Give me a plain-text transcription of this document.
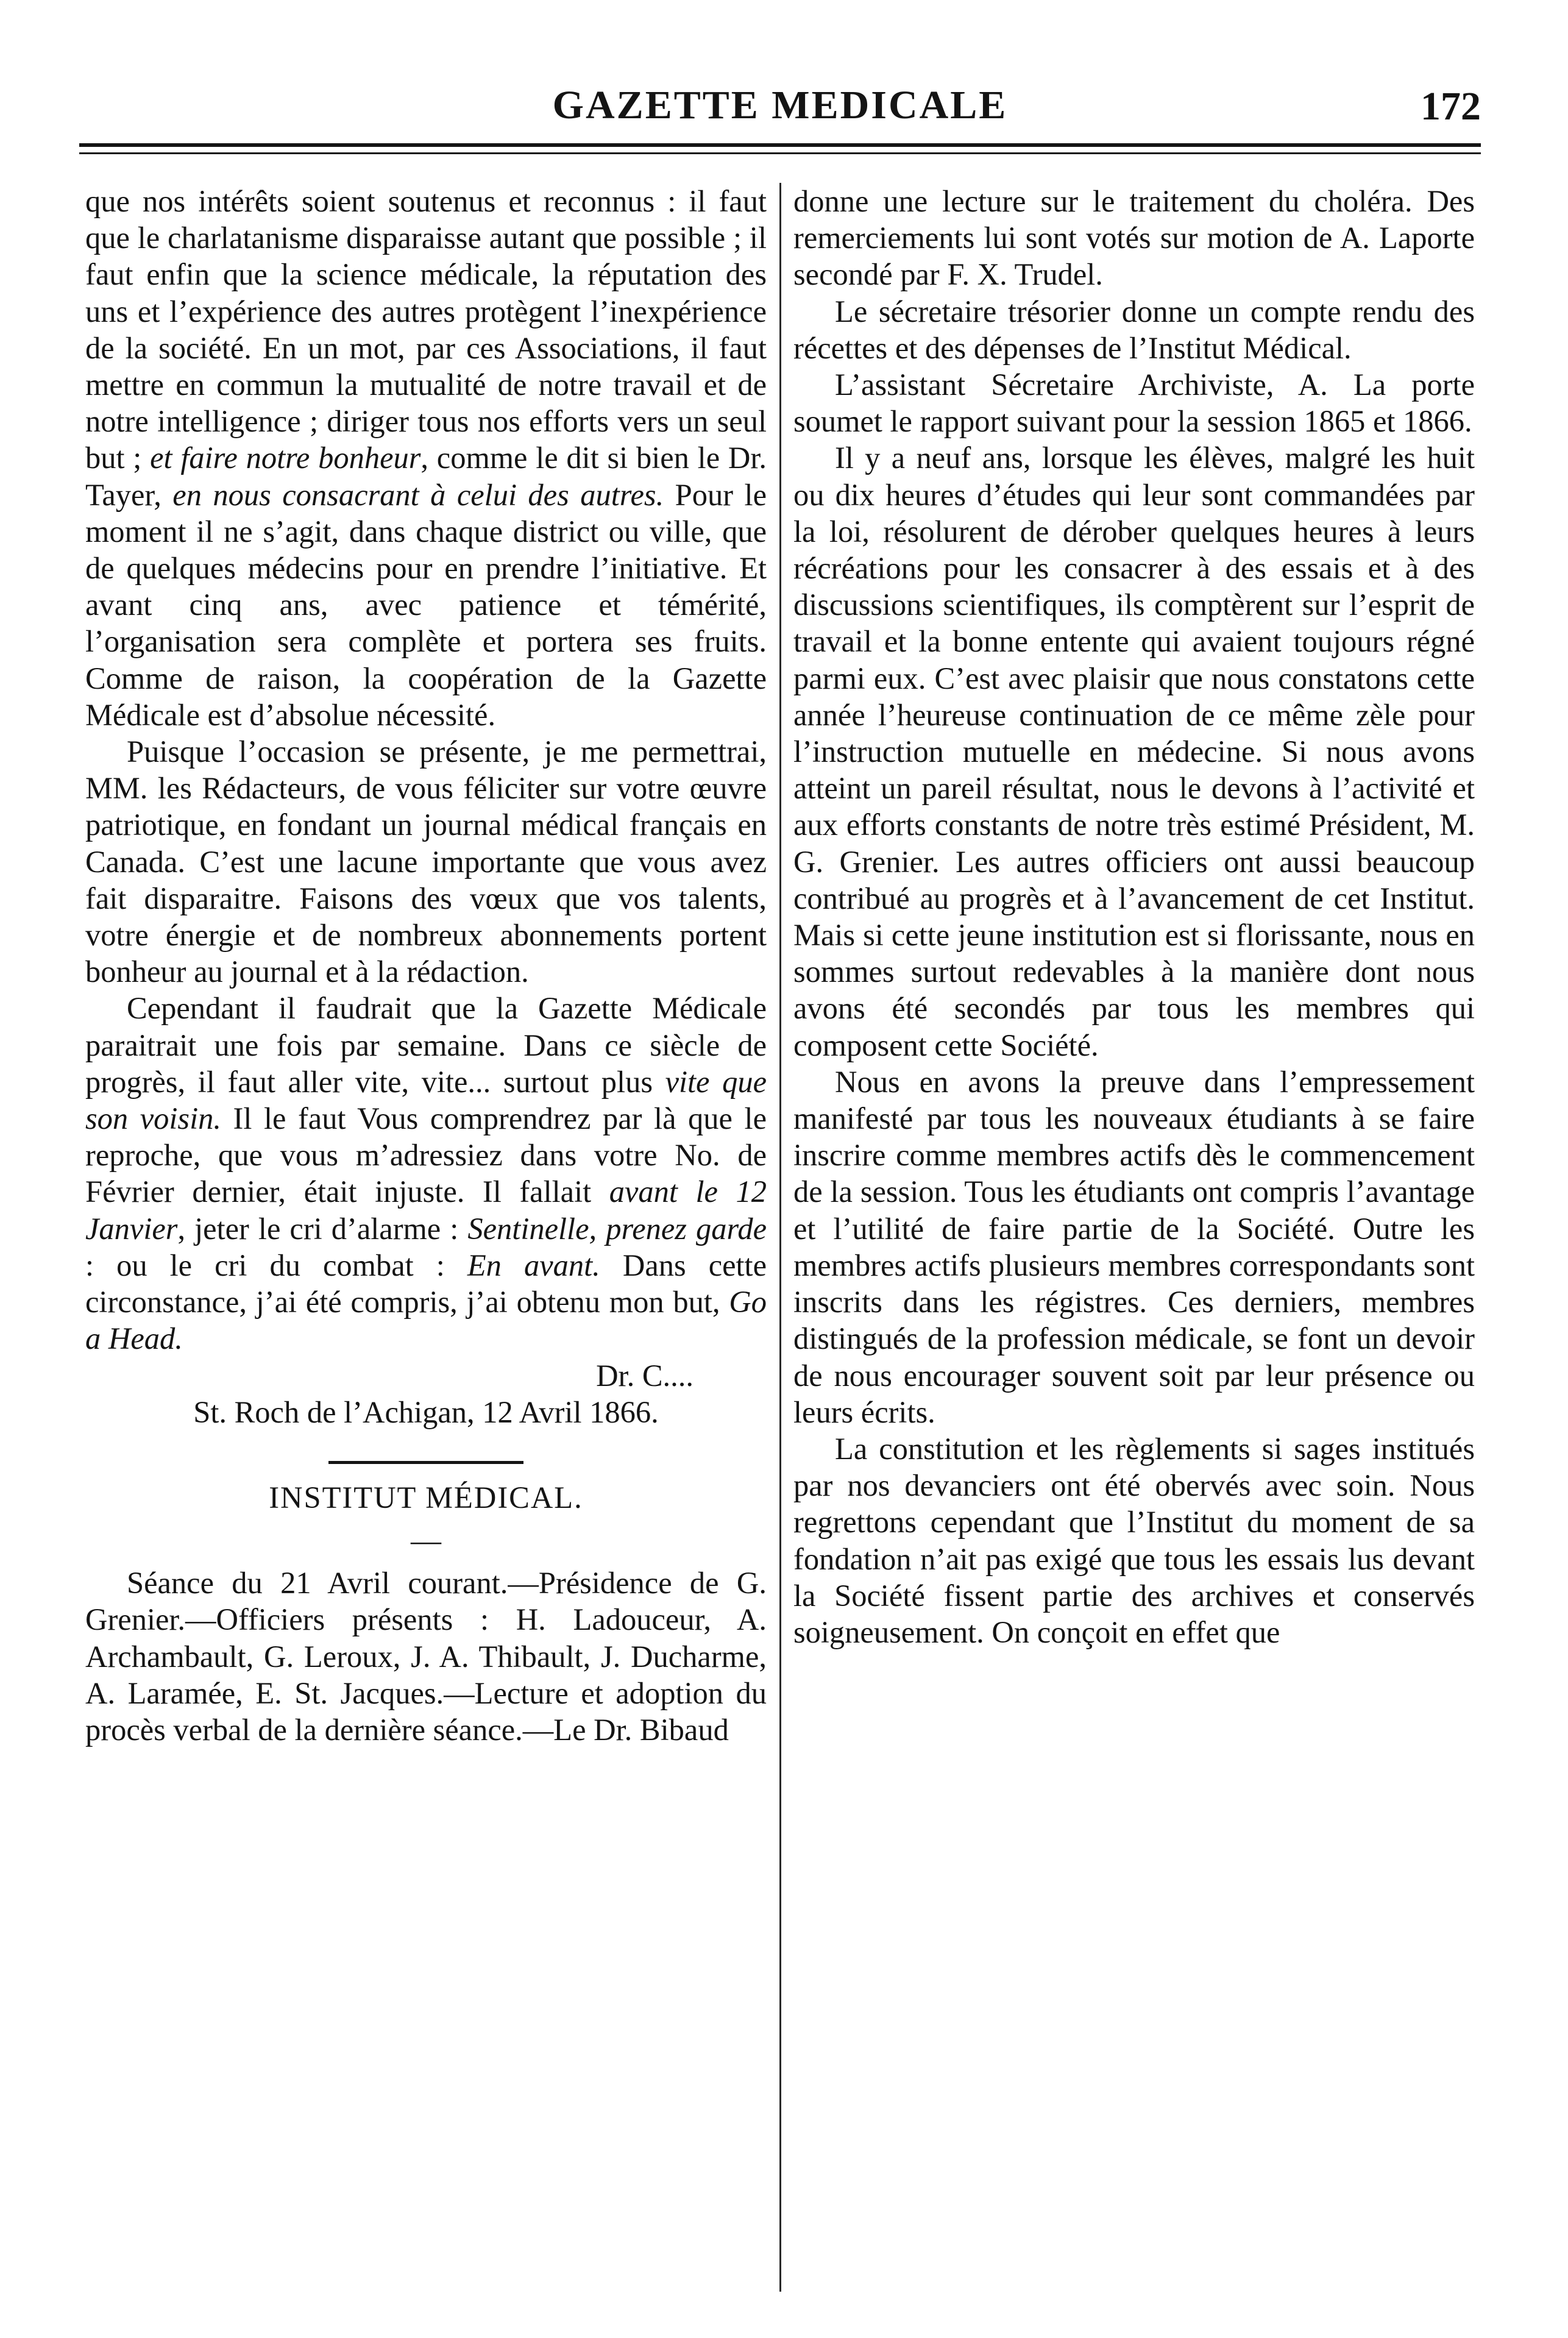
GAZETTE MEDICALE	172

que nos intérêts soient soutenus et reconnus : il faut que le charlatanisme disparaisse autant que possible ; il faut enfin que la science médicale, la réputation des uns et l’expérience des autres protègent l’inexpérience de la société. En un mot, par ces Associations, il faut mettre en commun la mutualité de notre travail et de notre intelligence ; diriger tous nos efforts vers un seul but ; et faire notre bonheur, comme le dit si bien le Dr. Tayer, en nous consacrant à celui des autres. Pour le moment il ne s’agit, dans chaque district ou ville, que de quelques médecins pour en prendre l’initiative. Et avant cinq ans, avec patience et témérité, l’organisation sera complète et portera ses fruits. Comme de raison, la coopération de la Gazette Médicale est d’absolue nécessité.

Puisque l’occasion se présente, je me permettrai, MM. les Rédacteurs, de vous féliciter sur votre œuvre patriotique, en fondant un journal médical français en Canada. C’est une lacune importante que vous avez fait disparaitre. Faisons des vœux que vos talents, votre énergie et de nombreux abonnements portent bonheur au journal et à la rédaction.

Cependant il faudrait que la Gazette Médicale paraitrait une fois par semaine. Dans ce siècle de progrès, il faut aller vite, vite... surtout plus vite que son voisin. Il le faut Vous comprendrez par là que le reproche, que vous m’adressiez dans votre No. de Février dernier, était injuste. Il fallait avant le 12 Janvier, jeter le cri d’alarme : Sentinelle, prenez garde : ou le cri du combat : En avant. Dans cette circonstance, j’ai été compris, j’ai obtenu mon but, Go a Head.

Dr. C....

St. Roch de l’Achigan, 12 Avril 1866.

INSTITUT MÉDICAL.

—

Séance du 21 Avril courant.—Présidence de G. Grenier.—Officiers présents : H. Ladouceur, A. Archambault, G. Leroux, J. A. Thibault, J. Ducharme, A. Laramée, E. St. Jacques.—Lecture et adoption du procès verbal de la dernière séance.—Le Dr. Bibaud

donne une lecture sur le traitement du choléra. Des remerciements lui sont votés sur motion de A. Laporte secondé par F. X. Trudel.

Le sécretaire trésorier donne un compte rendu des récettes et des dépenses de l’Institut Médical.

L’assistant Sécretaire Archiviste, A. La porte soumet le rapport suivant pour la session 1865 et 1866.

Il y a neuf ans, lorsque les élèves, malgré les huit ou dix heures d’études qui leur sont commandées par la loi, résolurent de dérober quelques heures à leurs récréations pour les consacrer à des essais et à des discussions scientifiques, ils comptèrent sur l’esprit de travail et la bonne entente qui avaient toujours régné parmi eux. C’est avec plaisir que nous constatons cette année l’heureuse continuation de ce même zèle pour l’instruction mutuelle en médecine. Si nous avons atteint un pareil résultat, nous le devons à l’activité et aux efforts constants de notre très estimé Président, M. G. Grenier. Les autres officiers ont aussi beaucoup contribué au progrès et à l’avancement de cet Institut. Mais si cette jeune institution est si florissante, nous en sommes surtout redevables à la manière dont nous avons été secondés par tous les membres qui composent cette Société.

Nous en avons la preuve dans l’empressement manifesté par tous les nouveaux étudiants à se faire inscrire comme membres actifs dès le commencement de la session. Tous les étudiants ont compris l’avantage et l’utilité de faire partie de la Société. Outre les membres actifs plusieurs membres correspondants sont inscrits dans les régistres. Ces derniers, membres distingués de la profession médicale, se font un devoir de nous encourager souvent soit par leur présence ou leurs écrits.

La constitution et les règlements si sages institués par nos devanciers ont été obervés avec soin. Nous regrettons cependant que l’Institut du moment de sa fondation n’ait pas exigé que tous les essais lus devant la Société fissent partie des archives et conservés soigneusement. On conçoit en effet que
